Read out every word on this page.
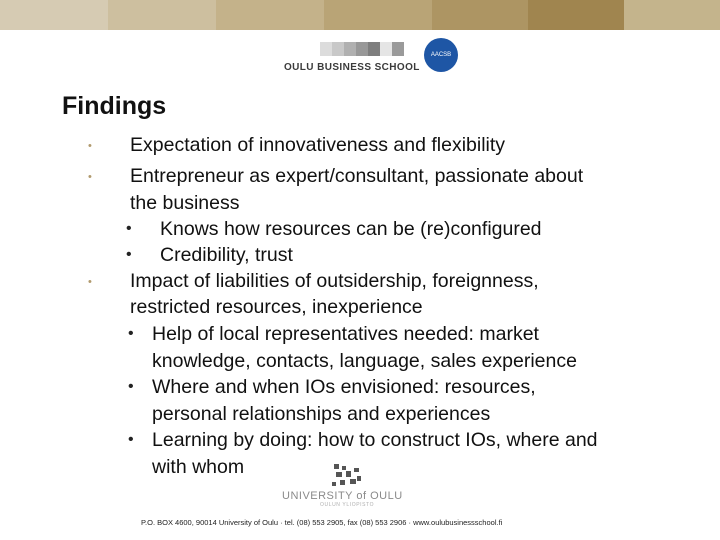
OULU BUSINESS SCHOOL
AACSB
Findings
• Expectation of innovativeness and flexibility
• Entrepreneur as expert/consultant, passionate about
the business
• Knows how resources can be (re)configured
• Credibility, trust
• Impact of liabilities of outsidership, foreignness,
restricted resources, inexperience
• Help of local representatives needed: market
knowledge, contacts, language, sales experience
• Where and when IOs envisioned: resources,
personal relationships and experiences
• Learning by doing: how to construct IOs, where and
with whom
UNIVERSITY of OULU
OULUN YLIOPISTO
P.O. BOX 4600, 90014 University of Oulu · tel. (08) 553 2905, fax (08) 553 2906 · www.oulubusinessschool.fi
